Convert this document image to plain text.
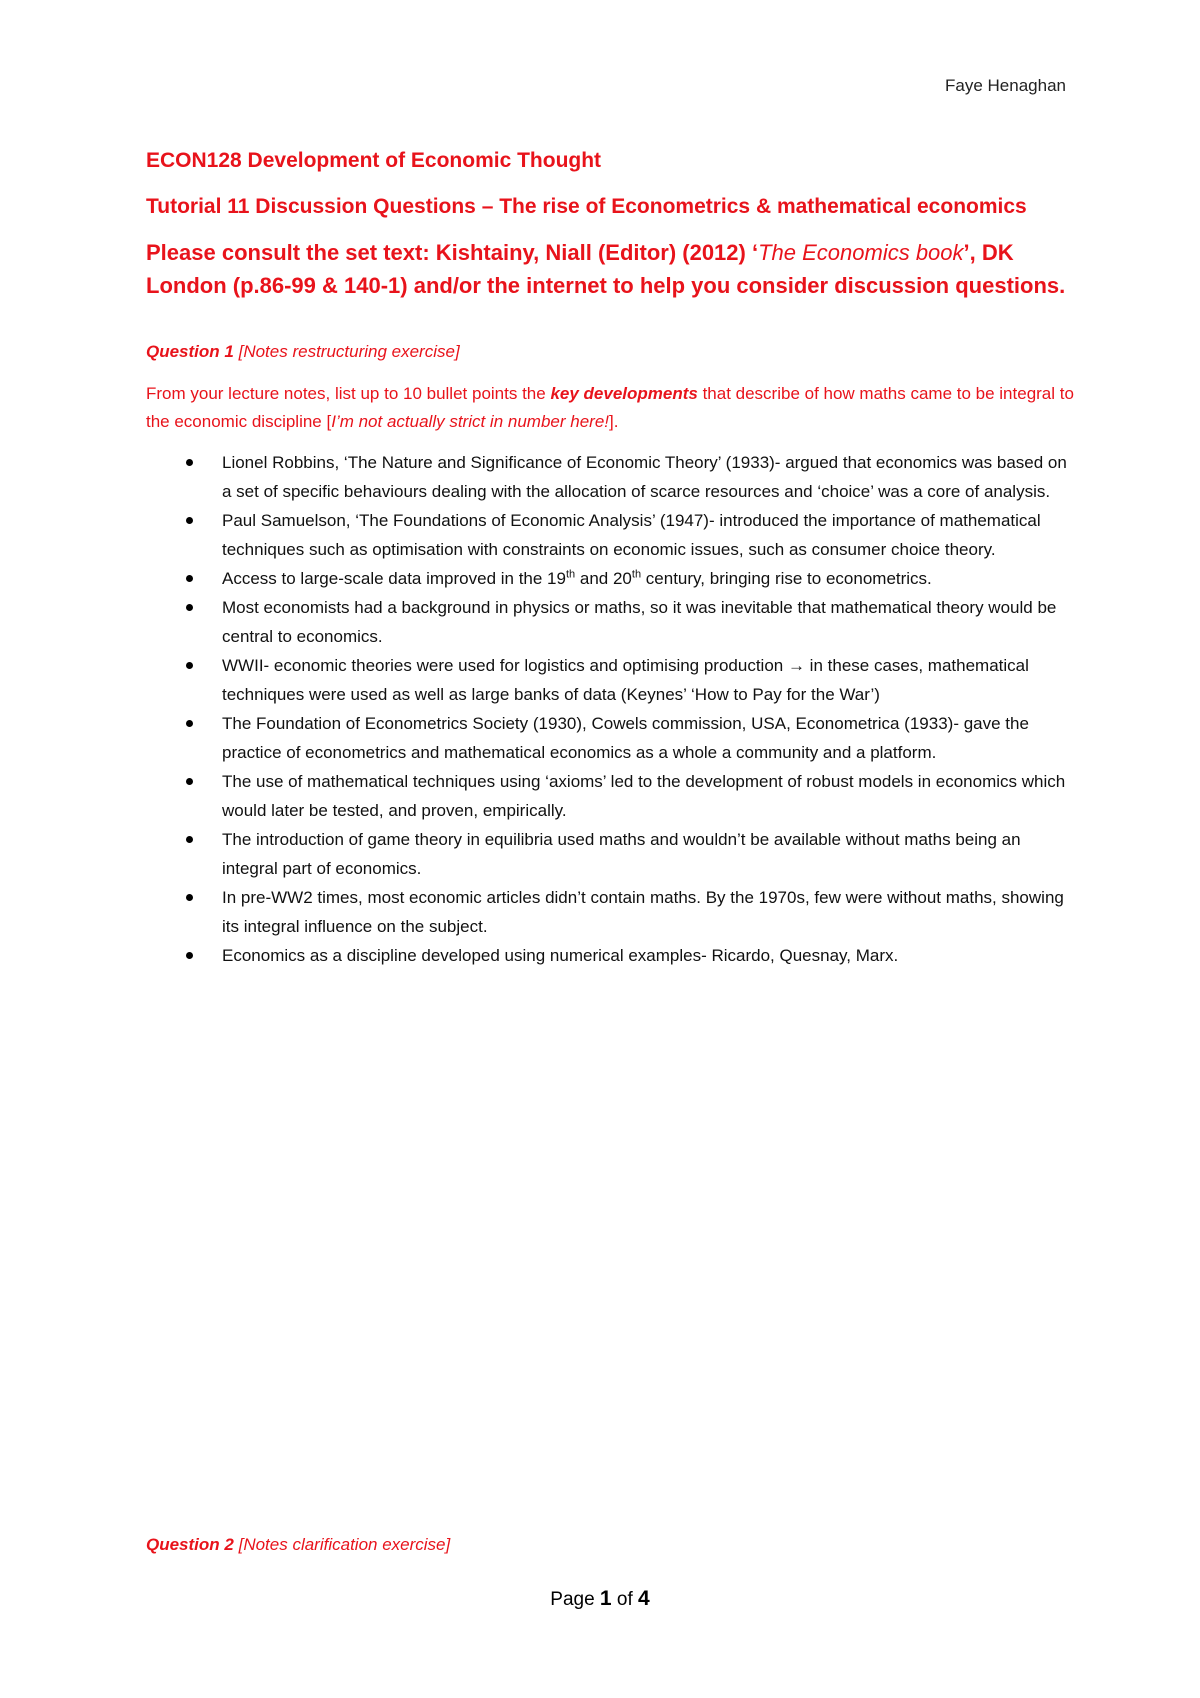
Faye Henaghan

ECON128 Development of Economic Thought

Tutorial 11 Discussion Questions – The rise of Econometrics & mathematical economics

Please consult the set text: Kishtainy, Niall (Editor) (2012) ‘The Economics book’, DK London (p.86-99 & 140-1) and/or the internet to help you consider discussion questions.

Question 1 [Notes restructuring exercise]

From your lecture notes, list up to 10 bullet points the key developments that describe of how maths came to be integral to the economic discipline [I’m not actually strict in number here!].

Lionel Robbins, ‘The Nature and Significance of Economic Theory’ (1933)- argued that economics was based on a set of specific behaviours dealing with the allocation of scarce resources and ‘choice’ was a core of analysis.
Paul Samuelson, ‘The Foundations of Economic Analysis’ (1947)- introduced the importance of mathematical techniques such as optimisation with constraints on economic issues, such as consumer choice theory.
Access to large-scale data improved in the 19th and 20th century, bringing rise to econometrics.
Most economists had a background in physics or maths, so it was inevitable that mathematical theory would be central to economics.
WWII- economic theories were used for logistics and optimising production → in these cases, mathematical techniques were used as well as large banks of data (Keynes’ ‘How to Pay for the War’)
The Foundation of Econometrics Society (1930), Cowels commission, USA, Econometrica (1933)- gave the practice of econometrics and mathematical economics as a whole a community and a platform.
The use of mathematical techniques using ‘axioms’ led to the development of robust models in economics which would later be tested, and proven, empirically.
The introduction of game theory in equilibria used maths and wouldn’t be available without maths being an integral part of economics.
In pre-WW2 times, most economic articles didn’t contain maths. By the 1970s, few were without maths, showing its integral influence on the subject.
Economics as a discipline developed using numerical examples- Ricardo, Quesnay, Marx.

Question 2 [Notes clarification exercise]

Page 1 of 4
